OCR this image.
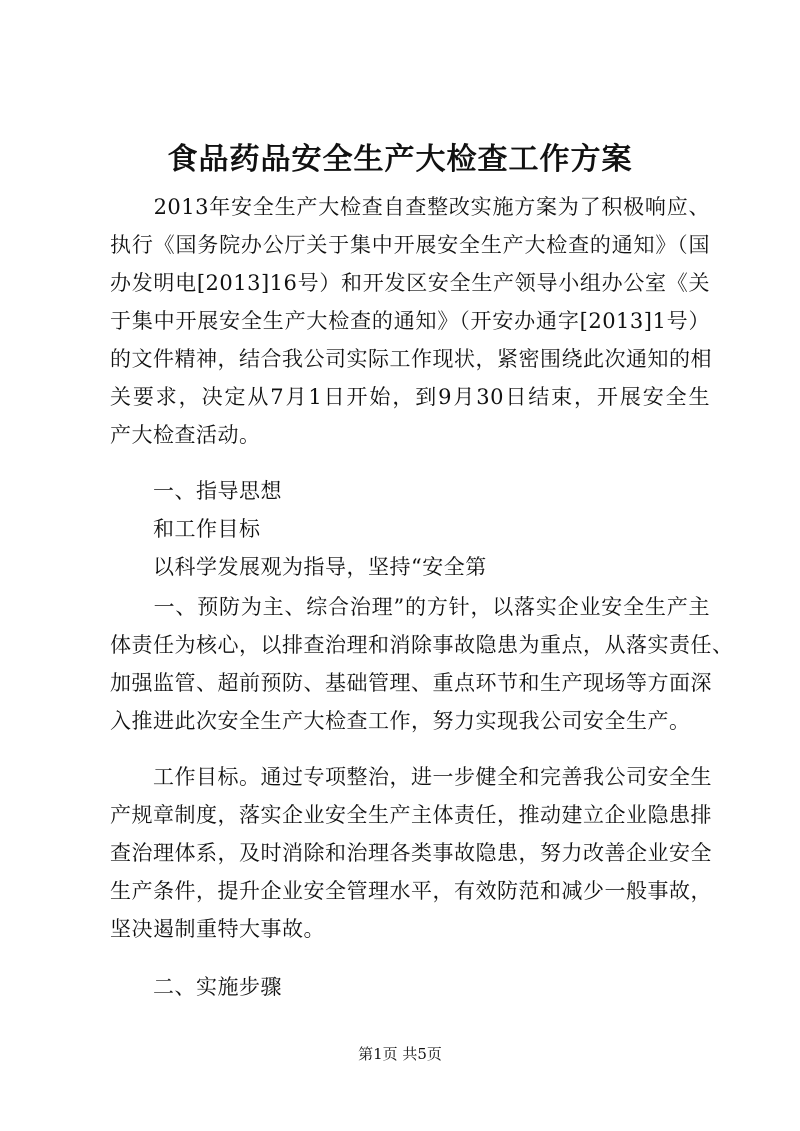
食品药品安全生产大检查工作方案
　　2013年安全生产大检查自查整改实施方案为了积极响应、
执行《国务院办公厅关于集中开展安全生产大检查的通知》（国
办发明电[2013]16号）和开发区安全生产领导小组办公室《关
于集中开展安全生产大检查的通知》（开安办通字[2013]1号）
的文件精神，结合我公司实际工作现状，紧密围绕此次通知的相
关要求，决定从7月1日开始，到9月30日结束，开展安全生
产大检查活动。
　　一、指导思想
　　和工作目标
　　以科学发展观为指导，坚持“安全第
　　一、预防为主、综合治理”的方针，以落实企业安全生产主
体责任为核心，以排查治理和消除事故隐患为重点，从落实责任、
加强监管、超前预防、基础管理、重点环节和生产现场等方面深
入推进此次安全生产大检查工作，努力实现我公司安全生产。
　　工作目标。通过专项整治，进一步健全和完善我公司安全生
产规章制度，落实企业安全生产主体责任，推动建立企业隐患排
查治理体系，及时消除和治理各类事故隐患，努力改善企业安全
生产条件，提升企业安全管理水平，有效防范和减少一般事故，
坚决遏制重特大事故。
　　二、实施步骤
第1页 共5页
